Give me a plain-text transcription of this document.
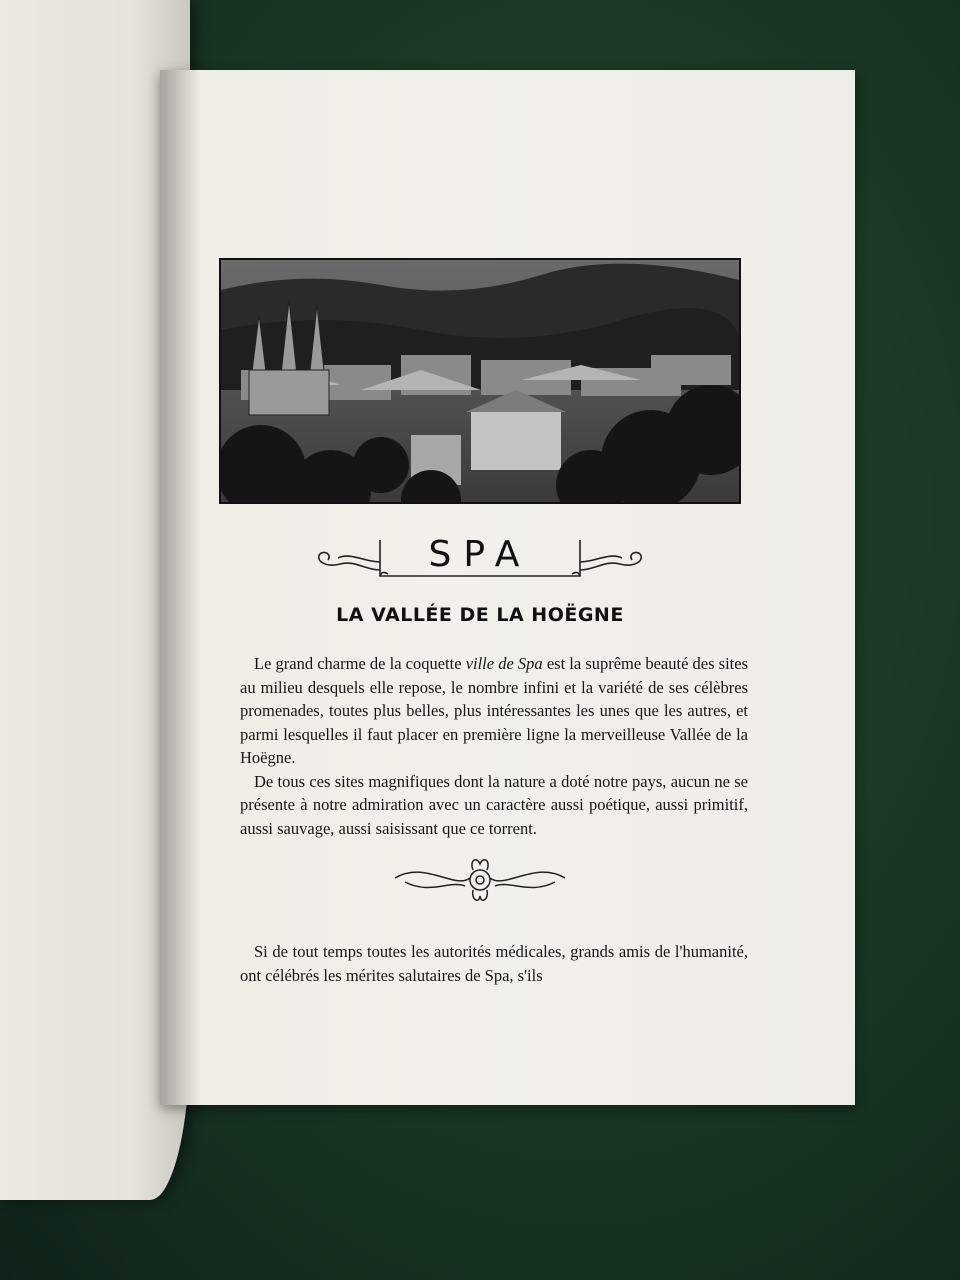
SPA
LA VALLÉE DE LA HOËGNE

Le grand charme de la coquette ville de Spa est la suprême beauté des sites au milieu desquels elle repose, le nombre infini et la variété de ses célèbres promenades, toutes plus belles, plus intéressantes les unes que les autres, et parmi lesquelles il faut placer en première ligne la merveilleuse Vallée de la Hoëgne.

De tous ces sites magnifiques dont la nature a doté notre pays, aucun ne se présente à notre admiration avec un caractère aussi poétique, aussi primitif, aussi sauvage, aussi saisissant que ce torrent.

Si de tout temps toutes les autorités médicales, grands amis de l'humanité, ont célébrés les mérites salutaires de Spa, s'ils
